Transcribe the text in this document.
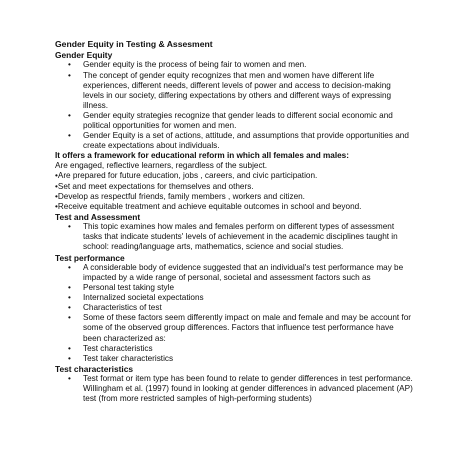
Gender Equity in Testing & Assesment
Gender Equity
• Gender equity is the process of being fair to women and men.
• The concept of gender equity recognizes that men and women have different life experiences, different needs, different levels of power and access to decision-making levels in our society, differing expectations by others and different ways of expressing illness.
• Gender equity strategies recognize that gender leads to different social economic and political opportunities for women and men.
• Gender Equity is a set of actions, attitude, and assumptions that provide opportunities and create expectations about individuals.
It offers a framework for educational reform in which all females and males:
Are engaged, reflective learners, regardless of the subject.
•Are prepared for future education, jobs , careers, and civic participation.
•Set and meet expectations for themselves and others.
•Develop as respectful friends, family members , workers and citizen.
•Receive equitable treatment and achieve equitable outcomes in school and beyond.
Test and Assessment
• This topic examines how males and females perform on different types of assessment tasks that indicate students' levels of achievement in the academic disciplines taught in school: reading/language arts, mathematics, science and social studies.
Test performance
• A considerable body of evidence suggested that an individual's test performance may be impacted by a wide range of personal, societal and assessment factors such as
• Personal test taking style
• Internalized societal expectations
• Characteristics of test
• Some of these factors seem differently impact on male and female and may be account for some of the observed group differences. Factors that influence test performance have been characterized as:
• Test characteristics
• Test taker characteristics
Test characteristics
• Test format or item type has been found to relate to gender differences in test performance. Willingham et al. (1997) found in looking at gender differences in advanced placement (AP) test (from more restricted samples of high-performing students)
